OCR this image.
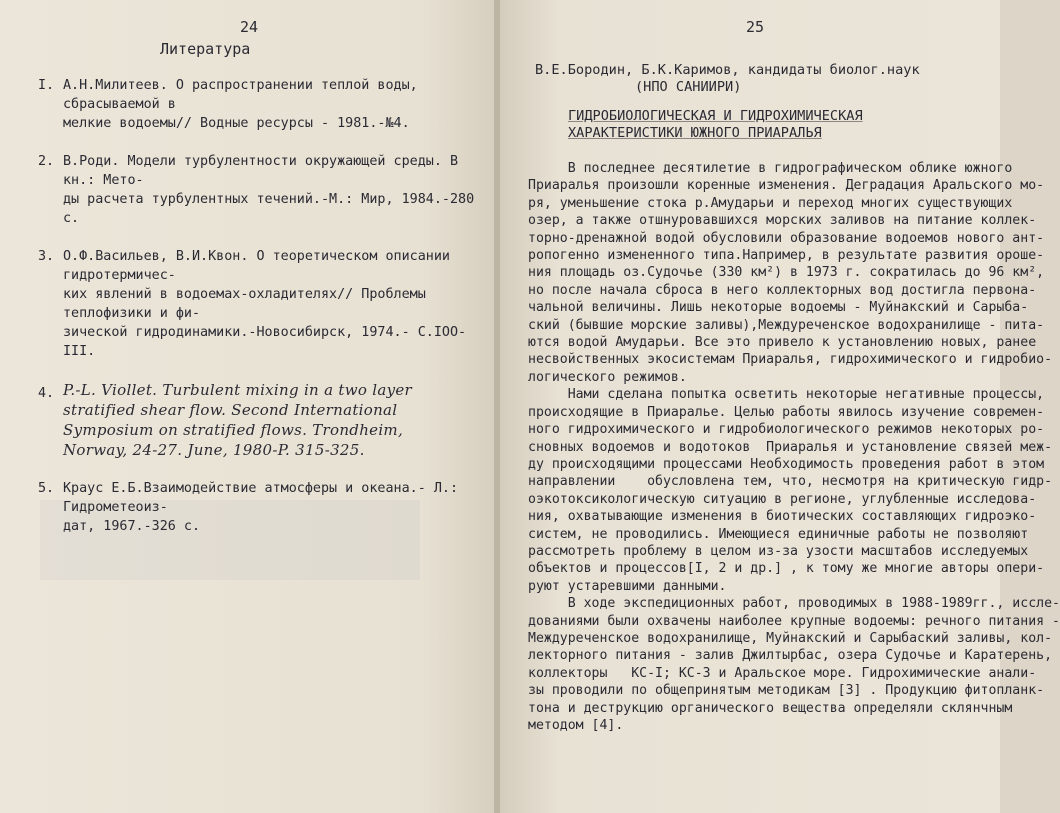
24
Литература
I. А.Н.Милитеев. О распространении теплой воды, сбрасываемой в
мелкие водоемы// Водные ресурсы - 1981.-№4.
2. В.Роди. Модели турбулентности окружающей среды. В кн.: Мето-
ды расчета турбулентных течений.-М.: Мир, 1984.-280 с.
3. О.Ф.Васильев, В.И.Квон. О теоретическом описании гидротермичес-
ких явлений в водоемах-охладителях// Проблемы теплофизики и фи-
зической гидродинамики.-Новосибирск, 1974.- С.IOO-III.
4. P.-L. Viollet. Turbulent mixing in a two layer
stratified shear flow. Second International
Symposium on stratified flows. Trondheim,
Norway, 24-27. June, 1980-P. 315-325.
5. Краус Е.Б.Взаимодействие атмосферы и океана.- Л.: Гидрометеоиз-
дат, 1967.-326 с.
25
В.Е.Бородин, Б.К.Каримов, кандидаты биолог.наук
(НПО САНИИРИ)
ГИДРОБИОЛОГИЧЕСКАЯ И ГИДРОХИМИЧЕСКАЯ
ХАРАКТЕРИСТИКИ ЮЖНОГО ПРИАРАЛЬЯ
В последнее десятилетие в гидрографическом облике южного
Приаралья произошли коренные изменения. Деградация Аральского мо-
ря, уменьшение стока р.Амударьи и переход многих существующих
озер, а также отшнуровавшихся морских заливов на питание коллек-
торно-дренажной водой обусловили образование водоемов нового ант-
ропогенно измененного типа.Например, в результате развития ороше-
ния площадь оз.Судочье (330 км²) в 1973 г. сократилась до 96 км²,
но после начала сброса в него коллекторных вод достигла первона-
чальной величины. Лишь некоторые водоемы - Муйнакский и Сарыба-
ский (бывшие морские заливы),Междуреченское водохранилище - пита-
ются водой Амударьи. Все это привело к установлению новых, ранее
несвойственных экосистемам Приаралья, гидрохимического и гидробио-
логического режимов.
Нами сделана попытка осветить некоторые негативные процессы,
происходящие в Приаралье. Целью работы явилось изучение современ-
ного гидрохимического и гидробиологического режимов некоторых ро-
сновных водоемов и водотоков  Приаралья и установление связей меж-
ду происходящими процессами Необходимость проведения работ в этом
направлении    обусловлена тем, что, несмотря на критическую гидр-
оэкотоксикологическую ситуацию в регионе, углубленные исследова-
ния, охватывающие изменения в биотических составляющих гидроэко-
систем, не проводились. Имеющиеся единичные работы не позволяют
рассмотреть проблему в целом из-за узости масштабов исследуемых
объектов и процессов[I, 2 и др.] , к тому же многие авторы опери-
руют устаревшими данными.
В ходе экспедиционных работ, проводимых в 1988-1989гг., иссле-
дованиями были охвачены наиболее крупные водоемы: речного питания -
Междуреченское водохранилище, Муйнакский и Сарыбаский заливы, кол-
лекторного питания - залив Джилтырбас, озера Судочье и Каратерень,
коллекторы   КС-I; КС-3 и Аральское море. Гидрохимические анали-
зы проводили по общепринятым методикам [3] . Продукцию фитопланк-
тона и деструкцию органического вещества определяли склянчным
методом [4].
